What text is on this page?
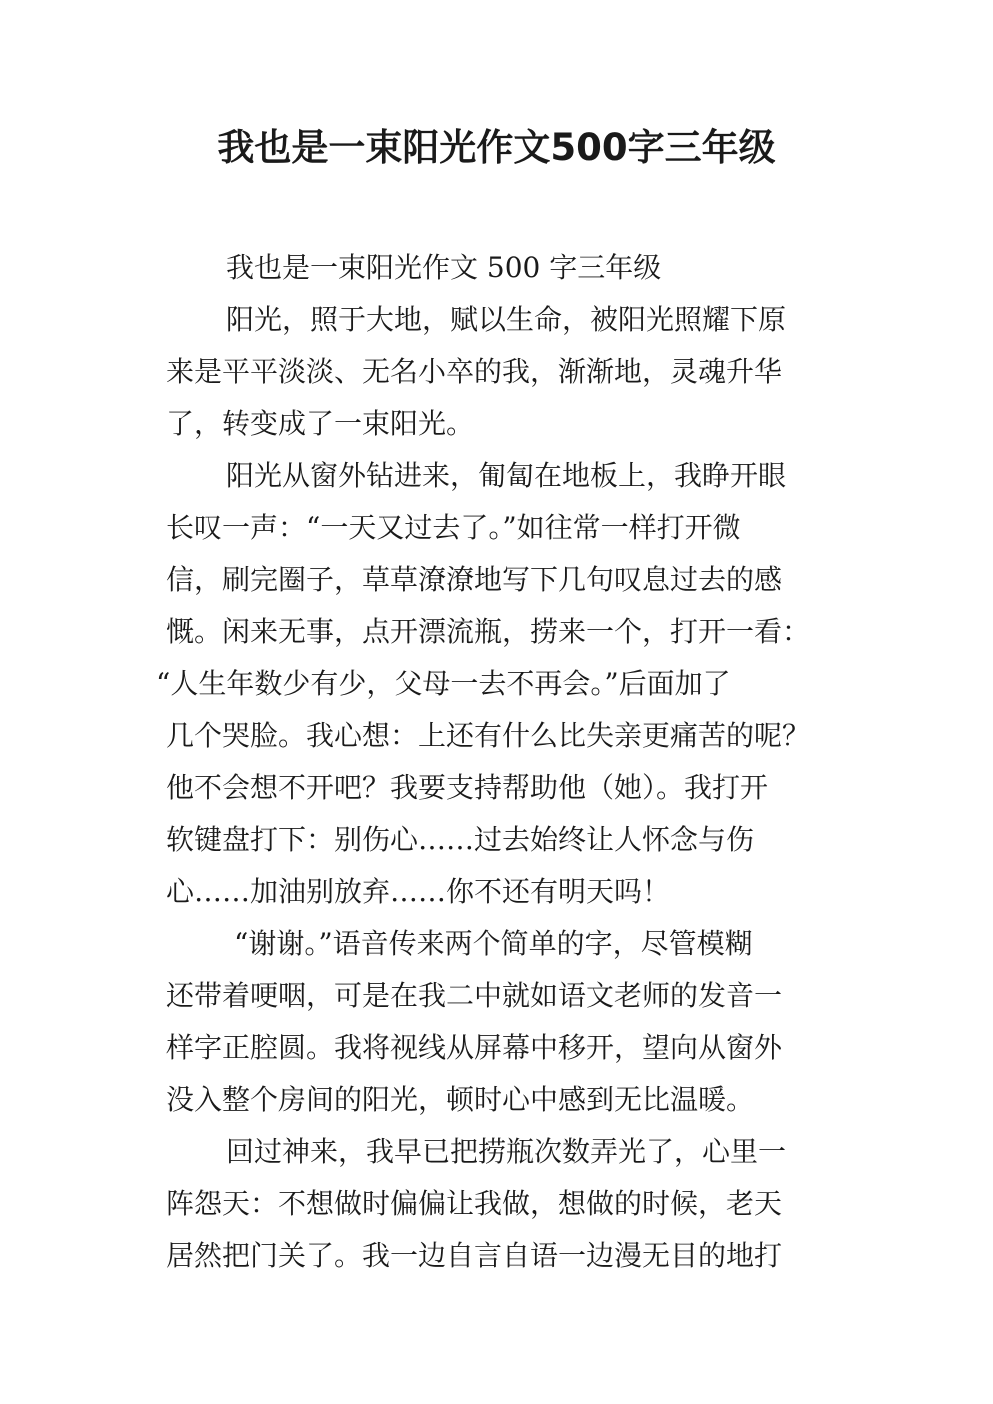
我也是一束阳光作文500字三年级

我也是一束阳光作文 500 字三年级

阳光，照于大地，赋以生命，被阳光照耀下原

来是平平淡淡、无名小卒的我，渐渐地，灵魂升华

了，转变成了一束阳光。

阳光从窗外钻进来，匍匐在地板上，我睁开眼

长叹一声：“一天又过去了。”如往常一样打开微

信，刷完圈子，草草潦潦地写下几句叹息过去的感

慨。闲来无事，点开漂流瓶，捞来一个，打开一看：

“人生年数少有少，父母一去不再会。”后面加了

几个哭脸。我心想：上还有什么比失亲更痛苦的呢？

他不会想不开吧？我要支持帮助他（她）。我打开

软键盘打下：别伤心……过去始终让人怀念与伤

心……加油别放弃……你不还有明天吗！

“谢谢。”语音传来两个简单的字，尽管模糊

还带着哽咽，可是在我二中就如语文老师的发音一

样字正腔圆。我将视线从屏幕中移开，望向从窗外

没入整个房间的阳光，顿时心中感到无比温暖。

回过神来，我早已把捞瓶次数弄光了，心里一

阵怨天：不想做时偏偏让我做，想做的时候，老天

居然把门关了。我一边自言自语一边漫无目的地打
